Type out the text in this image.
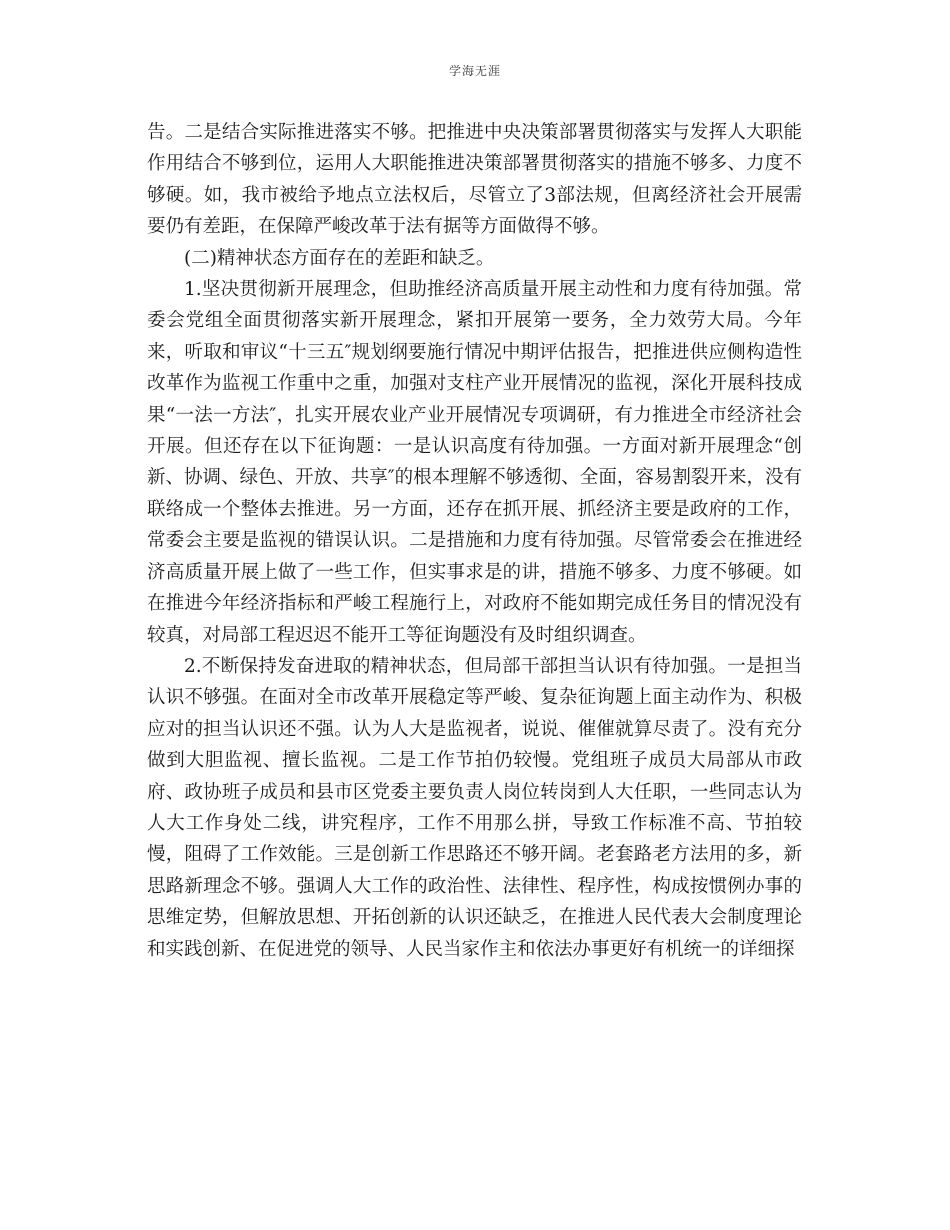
学海无涯

告。二是结合实际推进落实不够。把推进中央决策部署贯彻落实与发挥人大职能作用结合不够到位，运用人大职能推进决策部署贯彻落实的措施不够多、力度不够硬。如，我市被给予地点立法权后，尽管立了3部法规，但离经济社会开展需要仍有差距，在保障严峻改革于法有据等方面做得不够。

(二)精神状态方面存在的差距和缺乏。

1.坚决贯彻新开展理念，但助推经济高质量开展主动性和力度有待加强。常委会党组全面贯彻落实新开展理念，紧扣开展第一要务，全力效劳大局。今年来，听取和审议“十三五″规划纲要施行情况中期评估报告，把推进供应侧构造性改革作为监视工作重中之重，加强对支柱产业开展情况的监视，深化开展科技成果“一法一方法″，扎实开展农业产业开展情况专项调研，有力推进全市经济社会开展。但还存在以下征询题：一是认识高度有待加强。一方面对新开展理念“创新、协调、绿色、开放、共享″的根本理解不够透彻、全面，容易割裂开来，没有联络成一个整体去推进。另一方面，还存在抓开展、抓经济主要是政府的工作，常委会主要是监视的错误认识。二是措施和力度有待加强。尽管常委会在推进经济高质量开展上做了一些工作，但实事求是的讲，措施不够多、力度不够硬。如在推进今年经济指标和严峻工程施行上，对政府不能如期完成任务目的情况没有较真，对局部工程迟迟不能开工等征询题没有及时组织调查。

2.不断保持发奋进取的精神状态，但局部干部担当认识有待加强。一是担当认识不够强。在面对全市改革开展稳定等严峻、复杂征询题上面主动作为、积极应对的担当认识还不强。认为人大是监视者，说说、催催就算尽责了。没有充分做到大胆监视、擅长监视。二是工作节拍仍较慢。党组班子成员大局部从市政府、政协班子成员和县市区党委主要负责人岗位转岗到人大任职，一些同志认为人大工作身处二线，讲究程序，工作不用那么拼，导致工作标准不高、节拍较慢，阻碍了工作效能。三是创新工作思路还不够开阔。老套路老方法用的多，新思路新理念不够。强调人大工作的政治性、法律性、程序性，构成按惯例办事的思维定势，但解放思想、开拓创新的认识还缺乏，在推进人民代表大会制度理论和实践创新、在促进党的领导、人民当家作主和依法办事更好有机统一的详细探
